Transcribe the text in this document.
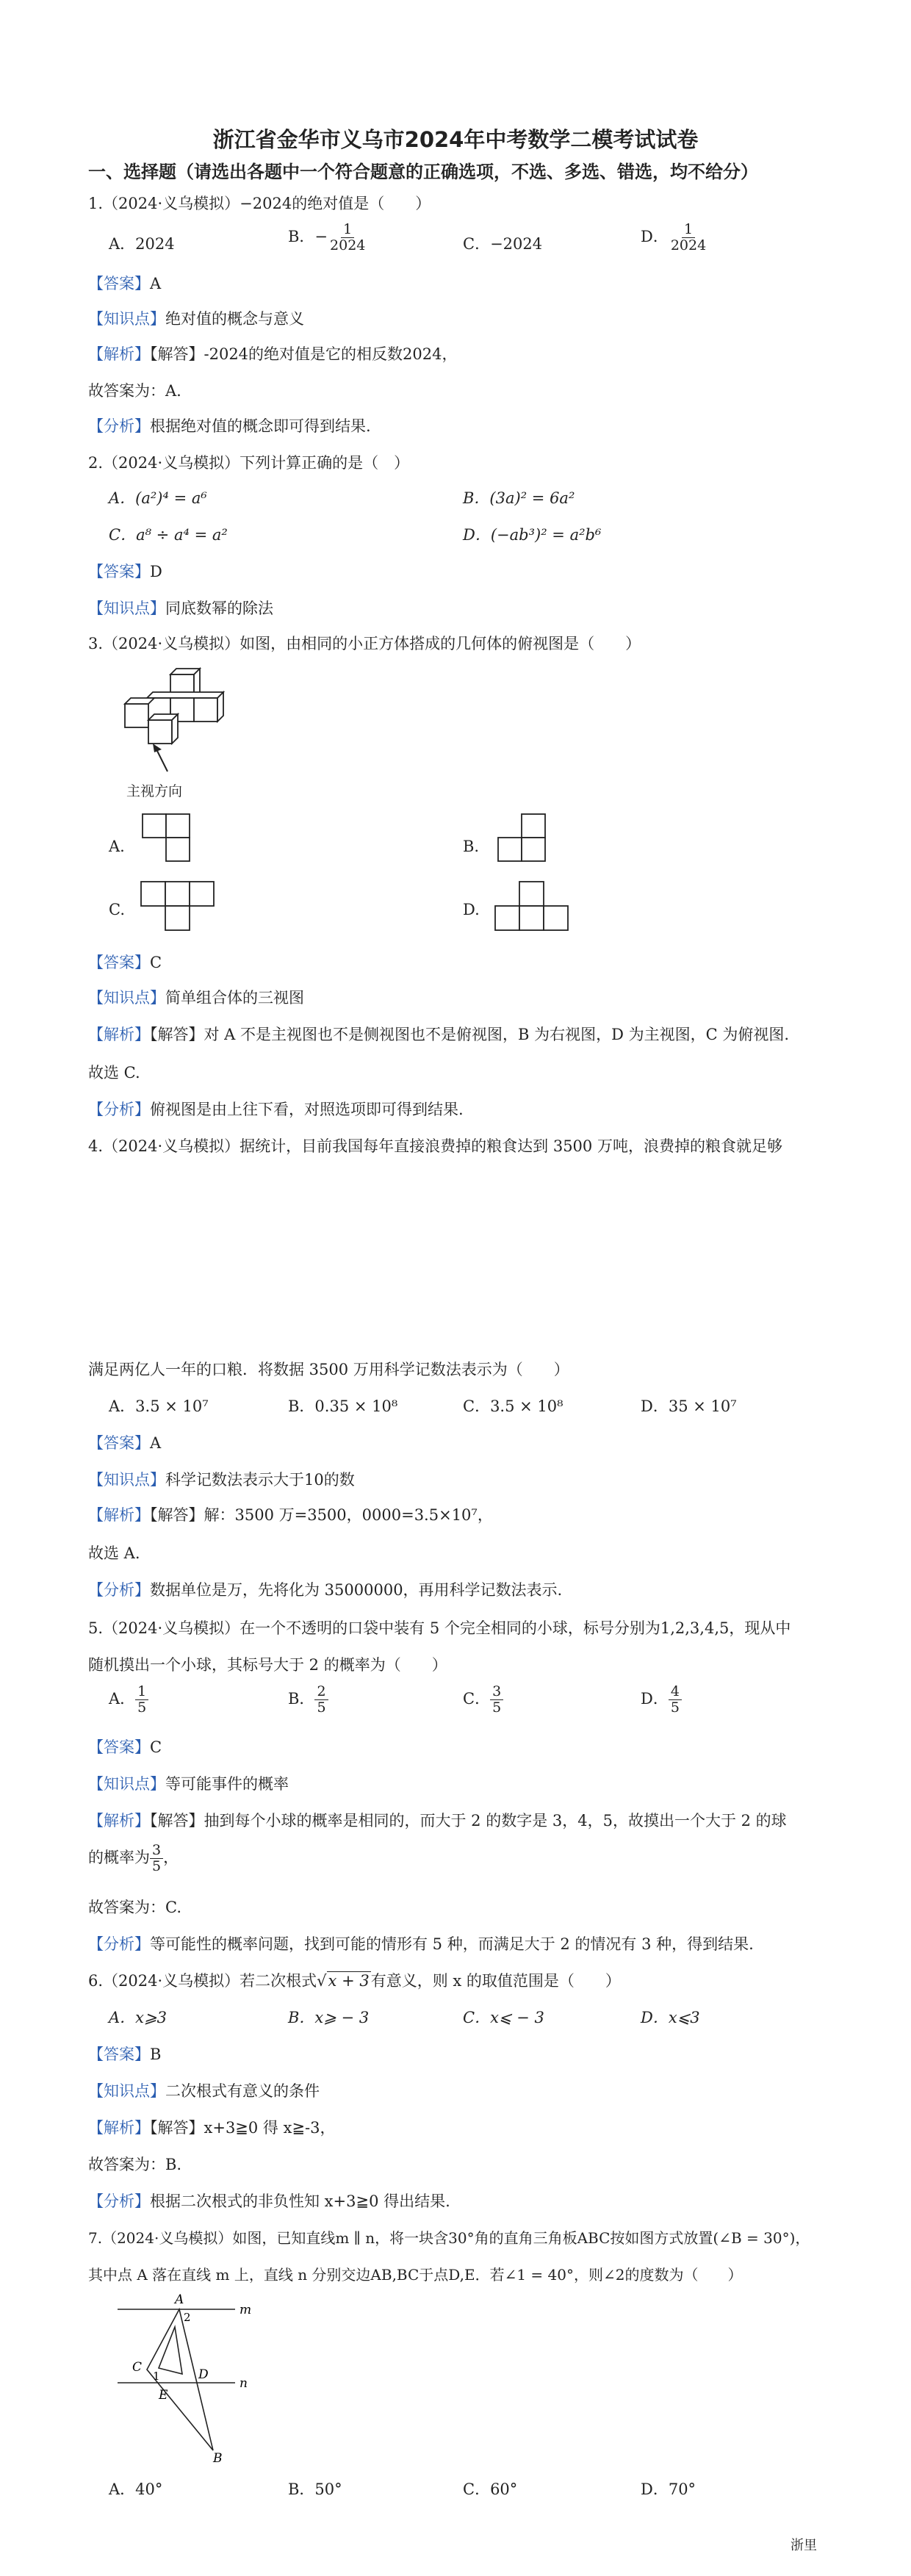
浙江省金华市义乌市2024年中考数学二模考试试卷
一、选择题（请选出各题中一个符合题意的正确选项，不选、多选、错选，均不给分）
1.（2024·义乌模拟）−2024的绝对值是（　　）
A．2024	B．− $\frac{1}{2024}$	C．−2024	D． $\frac{1}{2024}$
【答案】A
【知识点】绝对值的概念与意义
【解析】【解答】-2024的绝对值是它的相反数2024，
故答案为：A.
【分析】根据绝对值的概念即可得到结果.
2.（2024·义乌模拟）下列计算正确的是（　）
A．(a²)⁴ = a⁶	B．(3a)² = 6a²
C．a⁸ ÷ a⁴ = a²	D．(−ab³)² = a²b⁶
【答案】D
【知识点】同底数幂的除法
3.（2024·义乌模拟）如图，由相同的小正方体搭成的几何体的俯视图是（　　）
主视方向
A.	B.
C.	D.
【答案】C
【知识点】简单组合体的三视图
【解析】【解答】对 A 不是主视图也不是侧视图也不是俯视图，B 为右视图，D 为主视图，C 为俯视图.
故选 C.
【分析】俯视图是由上往下看，对照选项即可得到结果.
4.（2024·义乌模拟）据统计，目前我国每年直接浪费掉的粮食达到 3500 万吨，浪费掉的粮食就足够
满足两亿人一年的口粮．将数据 3500 万用科学记数法表示为（　　）
A．3.5 × 10⁷	B．0.35 × 10⁸	C．3.5 × 10⁸	D．35 × 10⁷
【答案】A
【知识点】科学记数法表示大于10的数
【解析】【解答】解：3500 万=3500，0000=3.5×10⁷，
故选 A.
【分析】数据单位是万，先将化为 35000000，再用科学记数法表示.
5.（2024·义乌模拟）在一个不透明的口袋中装有 5 个完全相同的小球，标号分别为1,2,3,4,5，现从中
随机摸出一个小球，其标号大于 2 的概率为（　　）
A． $\frac{1}{5}$	B． $\frac{2}{5}$	C． $\frac{3}{5}$	D． $\frac{4}{5}$
【答案】C
【知识点】等可能事件的概率
【解析】【解答】抽到每个小球的概率是相同的，而大于 2 的数字是 3，4，5，故摸出一个大于 2 的球
的概率为 $\frac{3}{5}$ ，
故答案为：C.
【分析】等可能性的概率问题，找到可能的情形有 5 种，而满足大于 2 的情况有 3 种，得到结果.
6.（2024·义乌模拟）若二次根式√x + 3有意义，则 x 的取值范围是（　　）
A．x⩾3	B．x⩾ − 3	C．x⩽ − 3	D．x⩽3
【答案】B
【知识点】二次根式有意义的条件
【解析】【解答】x+3≧0 得 x≧-3，
故答案为：B.
【分析】根据二次根式的非负性知 x+3≧0 得出结果.
7.（2024·义乌模拟）如图，已知直线m ∥ n，将一块含30°角的直角三角板ABC按如图方式放置(∠B = 30°)，
其中点 A 落在直线 m 上，直线 n 分别交边AB,BC于点D,E．若∠1 = 40°，则∠2的度数为（　　）
m
n
A
B
C	D
E
1
2
A．40°	B．50°	C．60°	D．70°
浙里
